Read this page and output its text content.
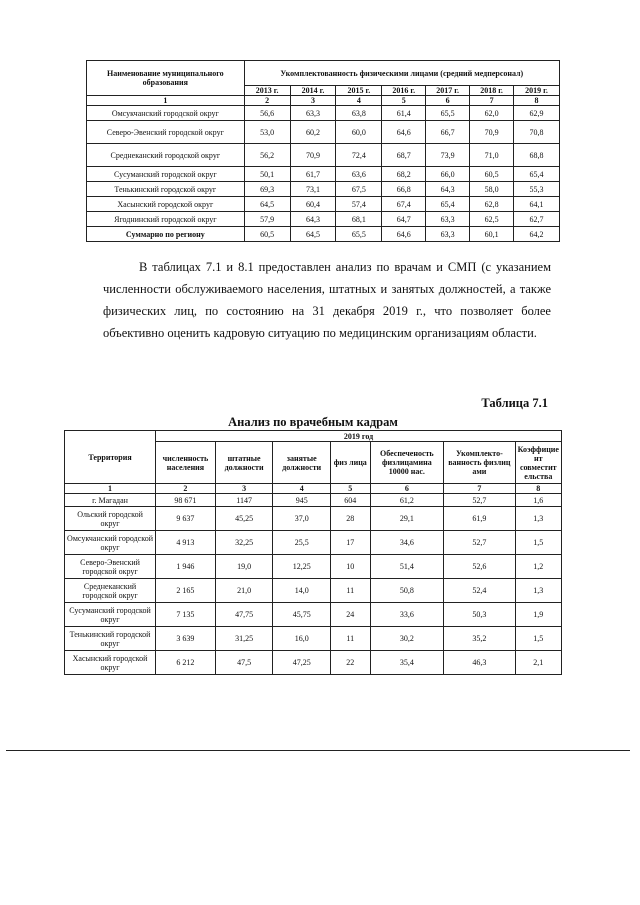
Наименование муниципального образования	Укомплектованность физическими лицами (средний медперсонал)						
	2013 г.	2014 г.	2015 г.	2016 г.	2017 г.	2018 г.	2019 г.
1	2	3	4	5	6	7	8
Омсукчанский городской округ	56,6	63,3	63,8	61,4	65,5	62,0	62,9
Северо-Эвенский городской округ	53,0	60,2	60,0	64,6	66,7	70,9	70,8
Среднеканский городской округ	56,2	70,9	72,4	68,7	73,9	71,0	68,8
Сусуманский городской округ	50,1	61,7	63,6	68,2	66,0	60,5	65,4
Тенькинский городской округ	69,3	73,1	67,5	66,8	64,3	58,0	55,3
Хасынский городской округ	64,5	60,4	57,4	67,4	65,4	62,8	64,1
Ягоднинский городской округ	57,9	64,3	68,1	64,7	63,3	62,5	62,7
Суммарно по региону	60,5	64,5	65,5	64,6	63,3	60,1	64,2

В таблицах 7.1 и 8.1 предоставлен анализ по врачам и СМП (с указанием численности обслуживаемого населения, штатных и занятых должностей, а также физических лиц, по состоянию на 31 декабря 2019 г., что позволяет более объективно оценить кадровую ситуацию по медицинским организациям области.

Таблица 7.1

Анализ по врачебным кадрам

Территория	2019 год						
	численность населения	штатные должности	занятые должности	физ лица	Обеспеченость физлицамина 10000 нас.	Укомплекто-ванность физлиц ами	Коэффицие нт совместит ельства
1	2	3	4	5	6	7	8
г. Магадан	98 671	1147	945	604	61,2	52,7	1,6
Ольский городской округ	9 637	45,25	37,0	28	29,1	61,9	1,3
Омсукчанский городской округ	4 913	32,25	25,5	17	34,6	52,7	1,5
Северо-Эвенский городской округ	1 946	19,0	12,25	10	51,4	52,6	1,2
Среднеканский городской округ	2 165	21,0	14,0	11	50,8	52,4	1,3
Сусуманский городской округ	7 135	47,75	45,75	24	33,6	50,3	1,9
Тенькинский городской округ	3 639	31,25	16,0	11	30,2	35,2	1,5
Хасынский городской округ	6 212	47,5	47,25	22	35,4	46,3	2,1
